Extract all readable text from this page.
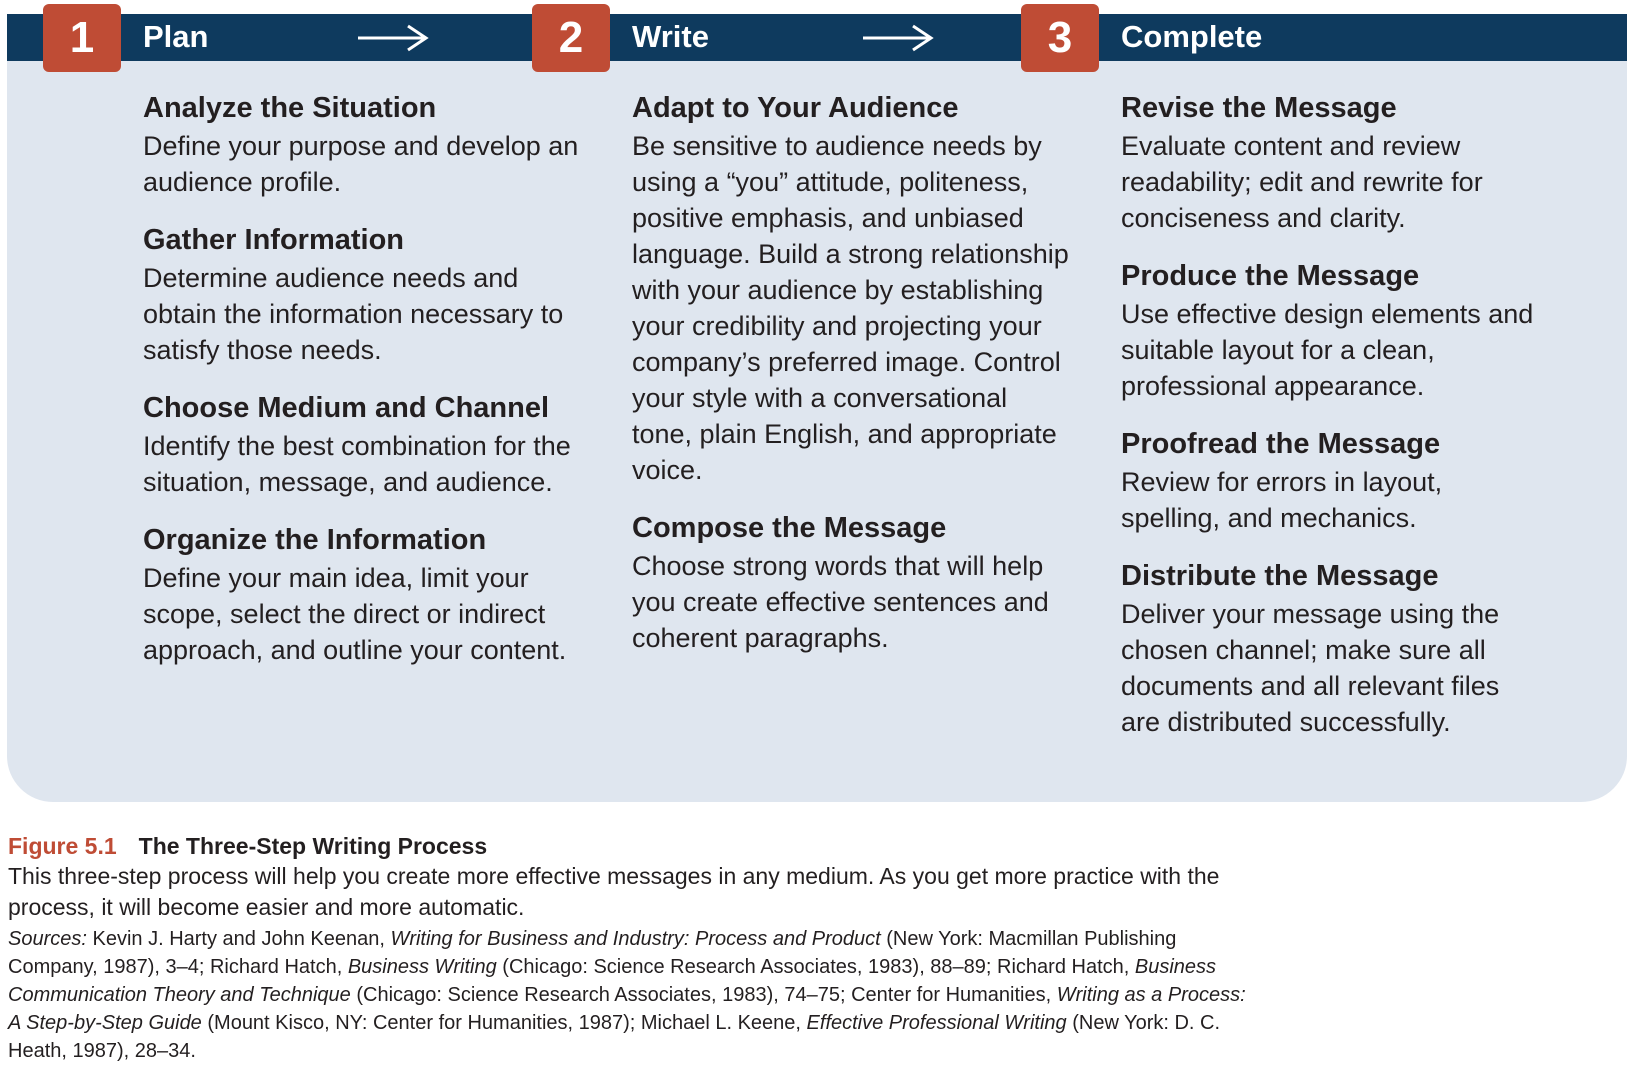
1	2	3
Plan	Write	Complete
Analyze the Situation

Define your purpose and develop an audience profile.

Gather Information

Determine audience needs and obtain the information necessary to satisfy those needs.

Choose Medium and Channel

Identify the best combination for the situation, message, and audience.

Organize the Information

Define your main idea, limit your scope, select the direct or indirect approach, and outline your content.

Adapt to Your Audience

Be sensitive to audience needs by using a “you” attitude, politeness, positive emphasis, and unbiased language. Build a strong relationship with your audience by establishing your credibility and projecting your company’s preferred image. Control your style with a conversational tone, plain English, and appropriate voice.

Compose the Message

Choose strong words that will help you create effective sentences and coherent paragraphs.

Revise the Message

Evaluate content and review readability; edit and rewrite for conciseness and clarity.

Produce the Message

Use effective design elements and suitable layout for a clean, professional appearance.

Proofread the Message

Review for errors in layout, spelling, and mechanics.

Distribute the Message

Deliver your message using the chosen channel; make sure all documents and all relevant files are distributed successfully.

Figure 5.1 The Three-Step Writing Process
This three-step process will help you create more effective messages in any medium. As you get more practice with the process, it will become easier and more automatic.
Sources: Kevin J. Harty and John Keenan, Writing for Business and Industry: Process and Product (New York: Macmillan Publishing Company, 1987), 3–4; Richard Hatch, Business Writing (Chicago: Science Research Associates, 1983), 88–89; Richard Hatch, Business Communication Theory and Technique (Chicago: Science Research Associates, 1983), 74–75; Center for Humanities, Writing as a Process: A Step-by-Step Guide (Mount Kisco, NY: Center for Humanities, 1987); Michael L. Keene, Effective Professional Writing (New York: D. C. Heath, 1987), 28–34.
